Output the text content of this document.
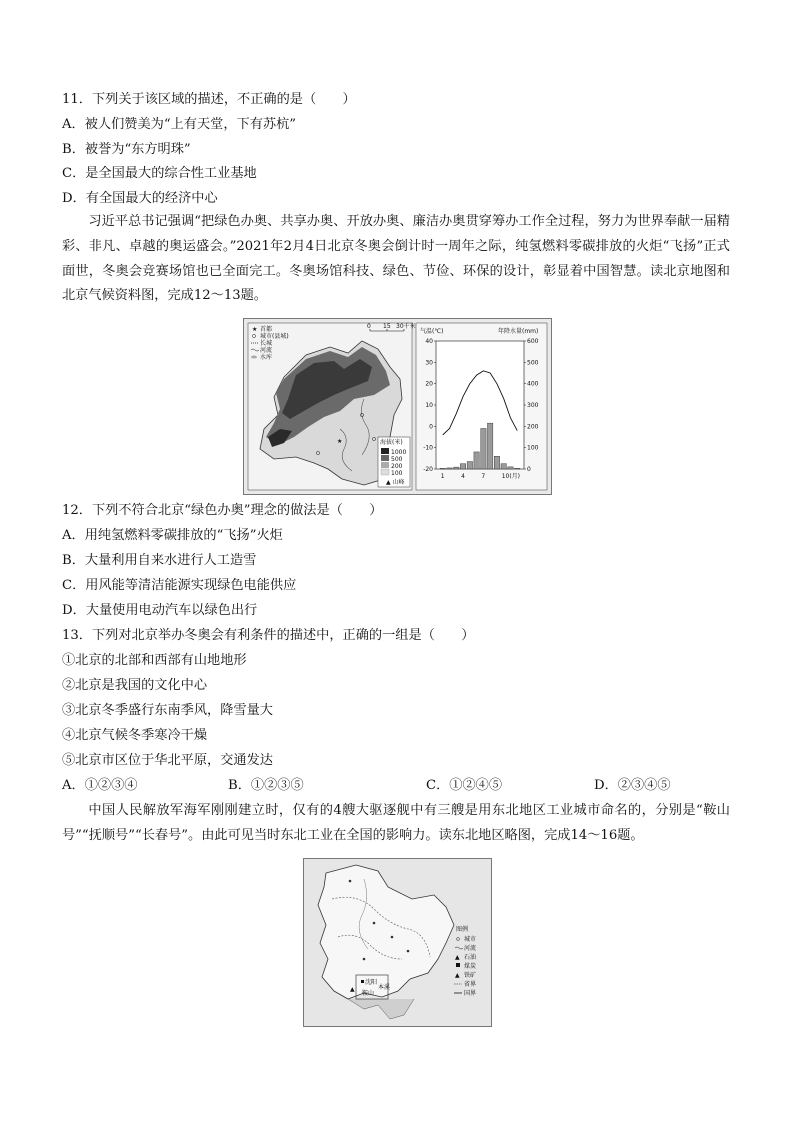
11．下列关于该区域的描述，不正确的是（　　）
A．被人们赞美为“上有天堂，下有苏杭”
B．被誉为“东方明珠”
C．是全国最大的综合性工业基地
D．有全国最大的经济中心
习近平总书记强调“把绿色办奥、共享办奥、开放办奥、廉洁办奥贯穿筹办工作全过程，努力为世界奉献一届精彩、非凡、卓越的奥运盛会。”2021年2月4日北京冬奥会倒计时一周年之际，纯氢燃料零碳排放的火炬“飞扬”正式面世，冬奥会竞赛场馆也已全面完工。冬奥场馆科技、绿色、节俭、环保的设计，彰显着中国智慧。读北京地图和北京气候资料图，完成12～13题。
★ 首都
城市(县城)
长城
河流
水库
0 15 30千米
★	海拔(米)
1000
500
200
100
▲ 山峰
气温(℃)	年降水量(mm)
40
30
20
10
0
-10
-20
600
500
400
300
200
100
0
1	4	7	10(月)
12．下列不符合北京“绿色办奥”理念的做法是（　　）
A．用纯氢燃料零碳排放的“飞扬”火炬
B．大量利用自来水进行人工造雪
C．用风能等清洁能源实现绿色电能供应
D．大量使用电动汽车以绿色出行
13．下列对北京举办冬奥会有利条件的描述中，正确的一组是（　　）
①北京的北部和西部有山地地形
②北京是我国的文化中心
③北京冬季盛行东南季风，降雪量大
④北京气候冬季寒冷干燥
⑤北京市区位于华北平原，交通发达
A．①②③④	B．①②③⑤	C．①②④⑤	D．②③④⑤
中国人民解放军海军刚刚建立时，仅有的4艘大驱逐舰中有三艘是用东北地区工业城市命名的，分别是“鞍山号”“抚顺号”“长春号”。由此可见当时东北工业在全国的影响力。读东北地区略图，完成14～16题。
沈阳
本溪
鞍山
▲
图例
城市
河流
▲ 石油
煤炭
▲ 铁矿
省界
国界
